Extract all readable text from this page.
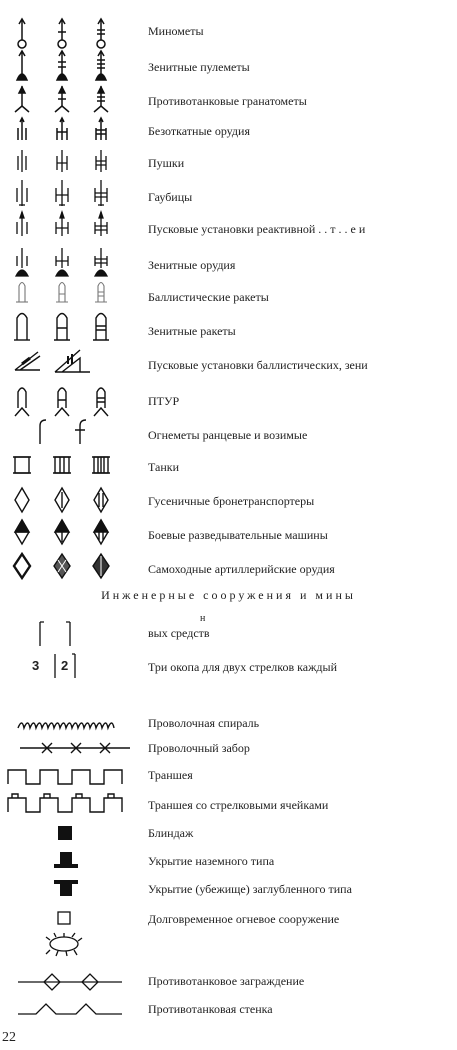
Минометы
Зенитные пулеметы
Противотанковые гранатометы
Безоткатные орудия
Пушки
Гаубицы
Пусковые установки реактивной . . т . . е и
Зенитные орудия
Баллистические ракеты
Зенитные ракеты
Пусковые установки баллистических, зени
ПТУР
Огнеметы ранцевые и возимые
Танки
Гусеничные бронетранспортеры
Боевые разведывательные машины
Самоходные артиллерийские орудия
Инженерные сооружения и мины
н
вых средств
3 2	Три окопа для двух стрелков каждый
Проволочная спираль
Проволочный забор
Траншея
Траншея со стрелковыми ячейками
Блиндаж
Укрытие наземного типа
Укрытие (убежище) заглубленного типа
Долговременное огневое сооружение
Противотанковое заграждение
Противотанковая стенка
22
